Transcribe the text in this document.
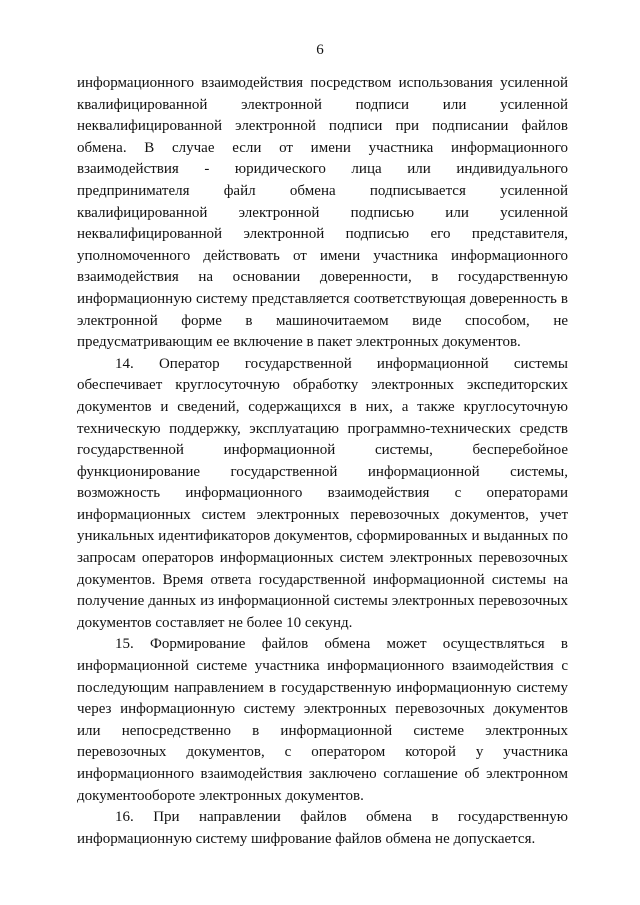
6

информационного взаимодействия посредством использования усиленной квалифицированной электронной подписи или усиленной неквалифицированной электронной подписи при подписании файлов обмена. В случае если от имени участника информационного взаимодействия - юридического лица или индивидуального предпринимателя файл обмена подписывается усиленной квалифицированной электронной подписью или усиленной неквалифицированной электронной подписью его представителя, уполномоченного действовать от имени участника информационного взаимодействия на основании доверенности, в государственную информационную систему представляется соответствующая доверенность в электронной форме в машиночитаемом виде способом, не предусматривающим ее включение в пакет электронных документов.

14. Оператор государственной информационной системы обеспечивает круглосуточную обработку электронных экспедиторских документов и сведений, содержащихся в них, а также круглосуточную техническую поддержку, эксплуатацию программно-технических средств государственной информационной системы, бесперебойное функционирование государственной информационной системы, возможность информационного взаимодействия с операторами информационных систем электронных перевозочных документов, учет уникальных идентификаторов документов, сформированных и выданных по запросам операторов информационных систем электронных перевозочных документов. Время ответа государственной информационной системы на получение данных из информационной системы электронных перевозочных документов составляет не более 10 секунд.

15. Формирование файлов обмена может осуществляться в информационной системе участника информационного взаимодействия с последующим направлением в государственную информационную систему через информационную систему электронных перевозочных документов или непосредственно в информационной системе электронных перевозочных документов, с оператором которой у участника информационного взаимодействия заключено соглашение об электронном документообороте электронных документов.

16. При направлении файлов обмена в государственную информационную систему шифрование файлов обмена не допускается.
